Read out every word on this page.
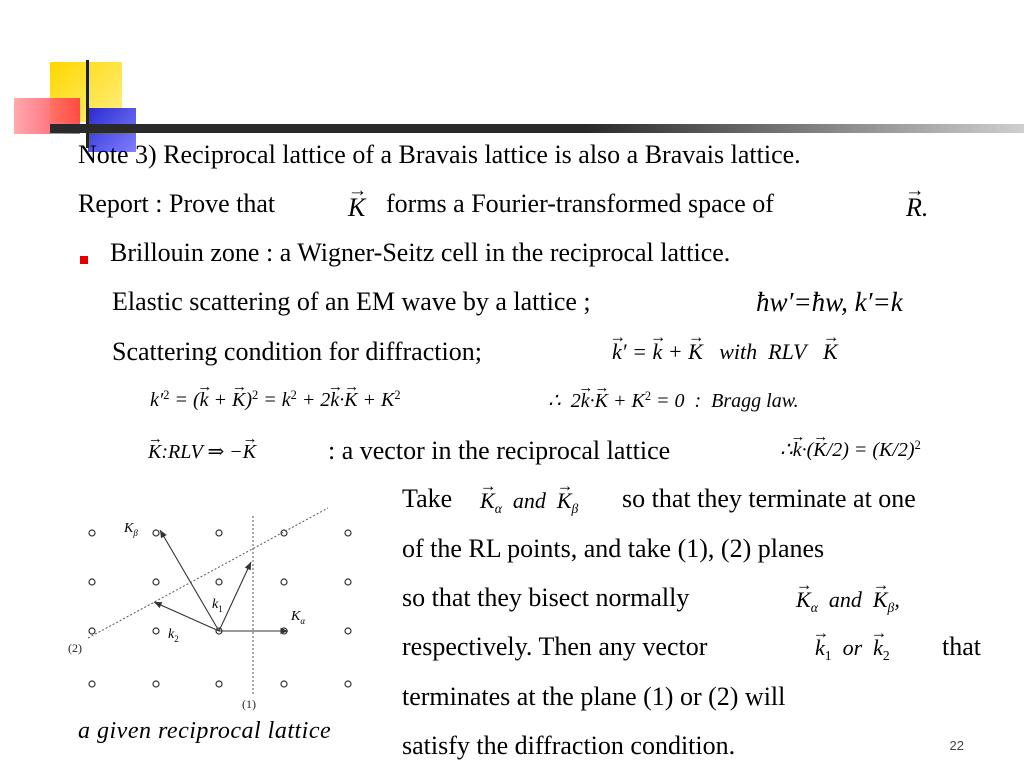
Note 3) Reciprocal lattice of a Bravais lattice is also a Bravais lattice.
Report : Prove that	→ K forms a Fourier-transformed space of	→ R.
Brillouin zone : a Wigner-Seitz cell in the reciprocal lattice.
Elastic scattering of an EM wave by a lattice ;	ħw′=ħw, k′=k
Scattering condition for diffraction;	→ k′ = → k + → K with RLV → K
$k'^2$ = (→ k + → $K)^2 = k^2 + 2\to k\cdot\to K + K^2$	∴  $2\to k\cdot\to K + K^2 = 0$  :  Bragg law.
→ K:RLV ⇒ −→ K	: a vector in the reciprocal lattice	∴→ $k\cdot(\to K/2) = (K/2)^2$
Take → $K_\alpha$ and → $K_\beta$ so that they terminate at one
of the RL points, and take (1), (2) planes
so that they bisect normally	→ $K_\alpha$ and → $K_\beta$,
respectively. Then any vector	→ $k_1$ or → $k_2$ that
terminates at the plane (1) or (2) will
satisfy the diffraction condition.
$K_\beta$
$K_\alpha$
$k_1$
$k_2$
(1)
(2)
a given reciprocal lattice
22
